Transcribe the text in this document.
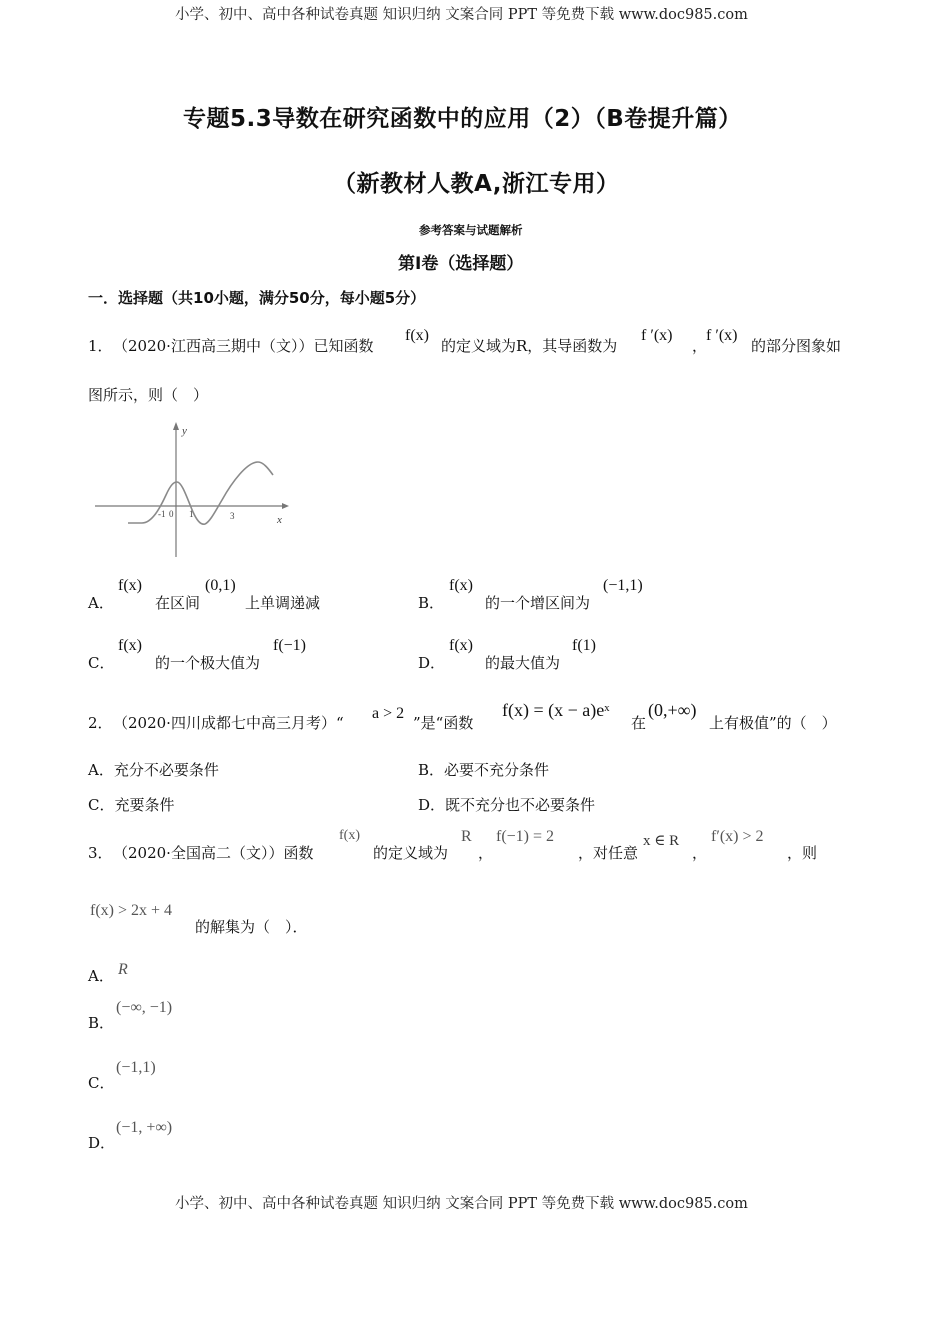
小学、初中、高中各种试卷真题 知识归纳 文案合同 PPT 等免费下载 www.doc985.com
专题5.3导数在研究函数中的应用（2）（B卷提升篇）
（新教材人教A,浙江专用）
参考答案与试题解析
第Ⅰ卷（选择题）
一．选择题（共10小题，满分50分，每小题5分）
1． （2020·江西高三期中（文））已知函数
f(x)
的定义域为R，其导函数为
f ′(x)
，
f ′(x)
的部分图象如
图所示，则（　）
y
x
-1 0 1	3
A．
f(x)
在区间
(0,1)
上单调递减	B．
f(x)
的一个增区间为
(−1,1)
C．
f(x)
的一个极大值为
f(−1)
D．
f(x)
的最大值为
f(1)
2． （2020·四川成都七中高三月考）“
a > 2
”是“函数
f(x) = (x − a)eˣ
在
(0,+∞)
上有极值”的（　）
A．充分不必要条件	B．必要不充分条件
C．充要条件	D．既不充分也不必要条件
3． （2020·全国高二（文））函数
f(x)
的定义域为
R
，
f(−1) = 2
，对任意
x ∈ R
，
f′(x) > 2
，则
f(x) > 2x + 4
的解集为（　）．
A． R
B．
(−∞, −1)
C．
(−1,1)
D．
(−1, +∞)
小学、初中、高中各种试卷真题 知识归纳 文案合同 PPT 等免费下载 www.doc985.com
